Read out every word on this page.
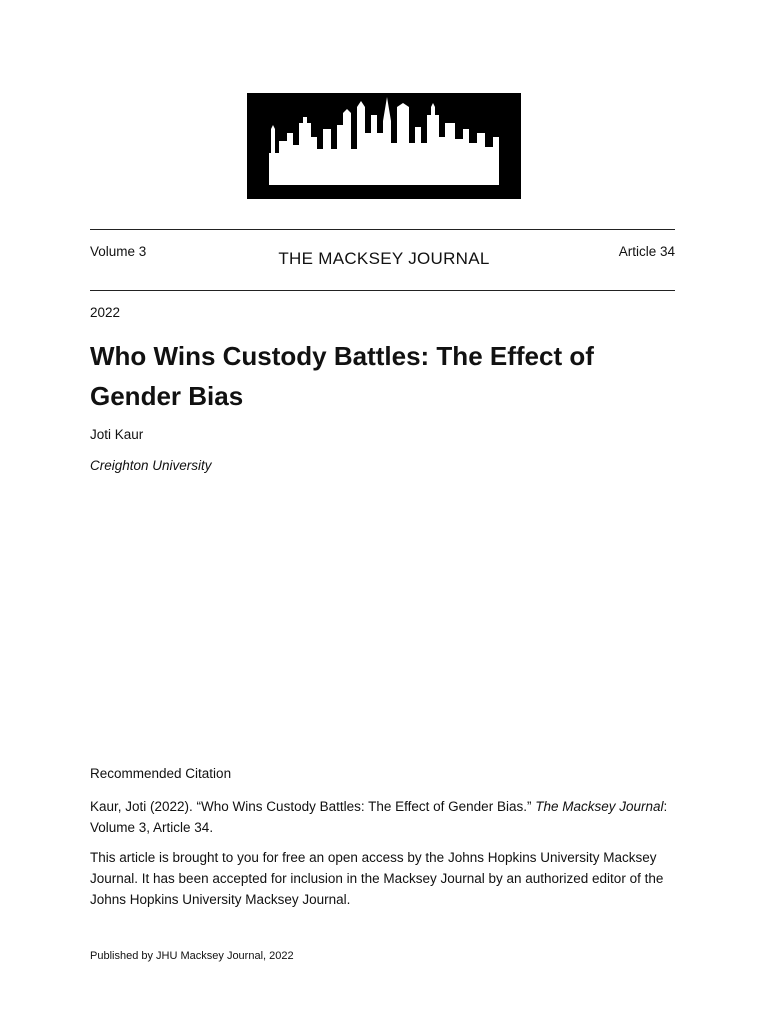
THE MACKSEY JOURNAL
Johns Hopkins University • Baltimore, MD
Volume 3	Article 34
2022
Who Wins Custody Battles: The Effect of Gender Bias
Joti Kaur
Creighton University
Recommended Citation
Kaur, Joti (2022). “Who Wins Custody Battles: The Effect of Gender Bias.” The Macksey Journal: Volume 3, Article 34.
This article is brought to you for free an open access by the Johns Hopkins University Macksey Journal. It has been accepted for inclusion in the Macksey Journal by an authorized editor of the Johns Hopkins University Macksey Journal.
Published by JHU Macksey Journal, 2022
